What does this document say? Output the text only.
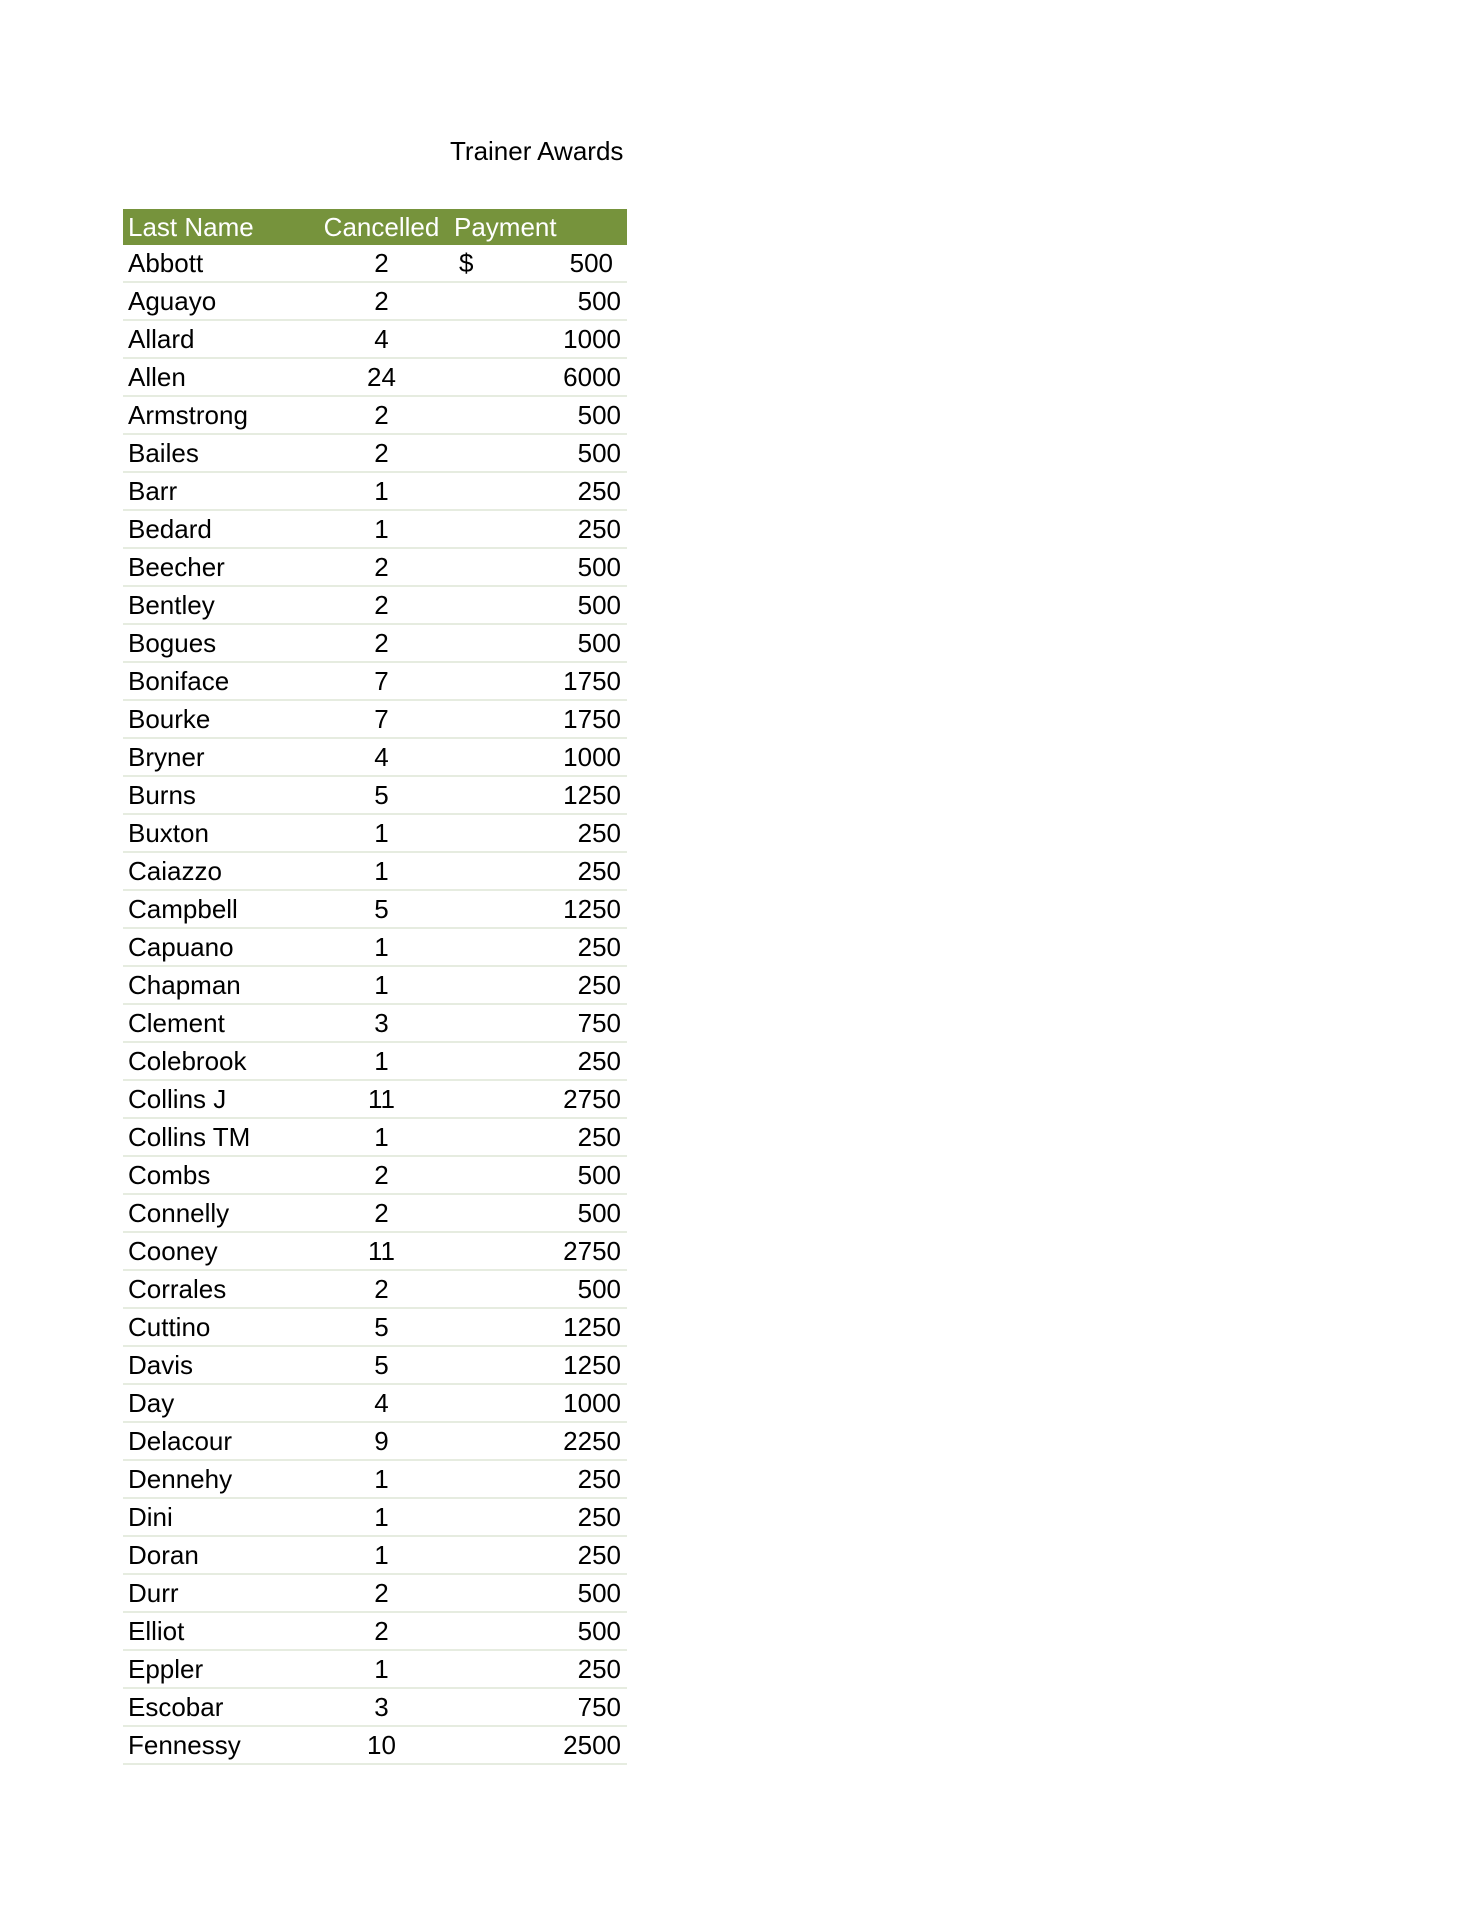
Trainer Awards
Last Name	Cancelled	Payment
Abbott	2	$ 500
Aguayo	2	500
Allard	4	1000
Allen	24	6000
Armstrong	2	500
Bailes	2	500
Barr	1	250
Bedard	1	250
Beecher	2	500
Bentley	2	500
Bogues	2	500
Boniface	7	1750
Bourke	7	1750
Bryner	4	1000
Burns	5	1250
Buxton	1	250
Caiazzo	1	250
Campbell	5	1250
Capuano	1	250
Chapman	1	250
Clement	3	750
Colebrook	1	250
Collins J	11	2750
Collins TM	1	250
Combs	2	500
Connelly	2	500
Cooney	11	2750
Corrales	2	500
Cuttino	5	1250
Davis	5	1250
Day	4	1000
Delacour	9	2250
Dennehy	1	250
Dini	1	250
Doran	1	250
Durr	2	500
Elliot	2	500
Eppler	1	250
Escobar	3	750
Fennessy	10	2500
